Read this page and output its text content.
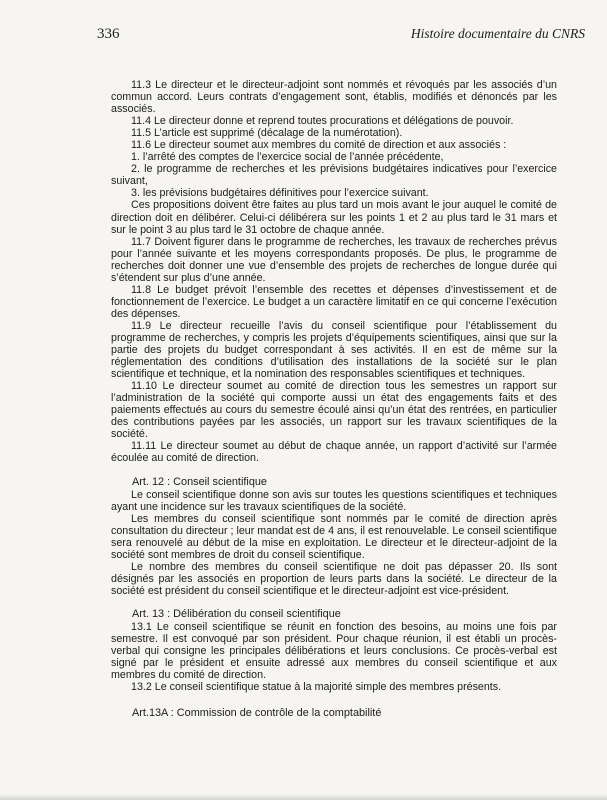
336	Histoire documentaire du CNRS

11.3 Le directeur et le directeur-adjoint sont nommés et révoqués par les associés d’un commun accord. Leurs contrats d’engagement sont, établis, modifiés et dénoncés par les associés.

11.4 Le directeur donne et reprend toutes procurations et délégations de pouvoir.

11.5 L’article est supprimé (décalage de la numérotation).

11.6 Le directeur soumet aux membres du comité de direction et aux associés :

1. l’arrêté des comptes de l’exercice social de l’année précédente,

2. le programme de recherches et les prévisions budgétaires indicatives pour l’exercice suivant,

3. les prévisions budgétaires définitives pour l’exercice suivant.

Ces propositions doivent être faites au plus tard un mois avant le jour auquel le comité de direction doit en délibérer. Celui-ci délibérera sur les points 1 et 2 au plus tard le 31 mars et sur le point 3 au plus tard le 31 octobre de chaque année.

11.7 Doivent figurer dans le programme de recherches, les travaux de recherches prévus pour l’année suivante et les moyens correspondants proposés. De plus, le programme de recherches doit donner une vue d’ensemble des projets de recherches de longue durée qui s’étendent sur plus d’une année.

11.8 Le budget prévoit l’ensemble des recettes et dépenses d’investissement et de fonctionnement de l’exercice. Le budget a un caractère limitatif en ce qui concerne l’exécution des dépenses.

11.9 Le directeur recueille l’avis du conseil scientifique pour l’établissement du programme de recherches, y compris les projets d’équipements scientifiques, ainsi que sur la partie des projets du budget correspondant à ses activités. Il en est de même sur la réglementation des conditions d’utilisation des installations de la société sur le plan scientifique et technique, et la nomination des responsables scientifiques et techniques.

11.10 Le directeur soumet au comité de direction tous les semestres un rapport sur l’administration de la société qui comporte aussi un état des engagements faits et des paiements effectués au cours du semestre écoulé ainsi qu’un état des rentrées, en particulier des contributions payées par les associés, un rapport sur les travaux scientifiques de la société.

11.11 Le directeur soumet au début de chaque année, un rapport d’activité sur l’armée écoulée au comité de direction.

Art. 12 : Conseil scientifique

Le conseil scientifique donne son avis sur toutes les questions scientifiques et techniques ayant une incidence sur les travaux scientifiques de la société.

Les membres du conseil scientifique sont nommés par le comité de direction après consultation du directeur ; leur mandat est de 4 ans, il est renouvelable. Le conseil scientifique sera renouvelé au début de la mise en exploitation. Le directeur et le directeur-adjoint de la société sont membres de droit du conseil scientifique.

Le nombre des membres du conseil scientifique ne doit pas dépasser 20. Ils sont désignés par les associés en proportion de leurs parts dans la société. Le directeur de la société est président du conseil scientifique et le directeur-adjoint est vice-président.

Art. 13 : Délibération du conseil scientifique

13.1 Le conseil scientifique se réunit en fonction des besoins, au moins une fois par semestre. Il est convoqué par son président. Pour chaque réunion, il est établi un procès-verbal qui consigne les principales délibérations et leurs conclusions. Ce procès-verbal est signé par le président et ensuite adressé aux membres du conseil scientifique et aux membres du comité de direction.

13.2 Le conseil scientifique statue à la majorité simple des membres présents.

Art.13A : Commission de contrôle de la comptabilité
